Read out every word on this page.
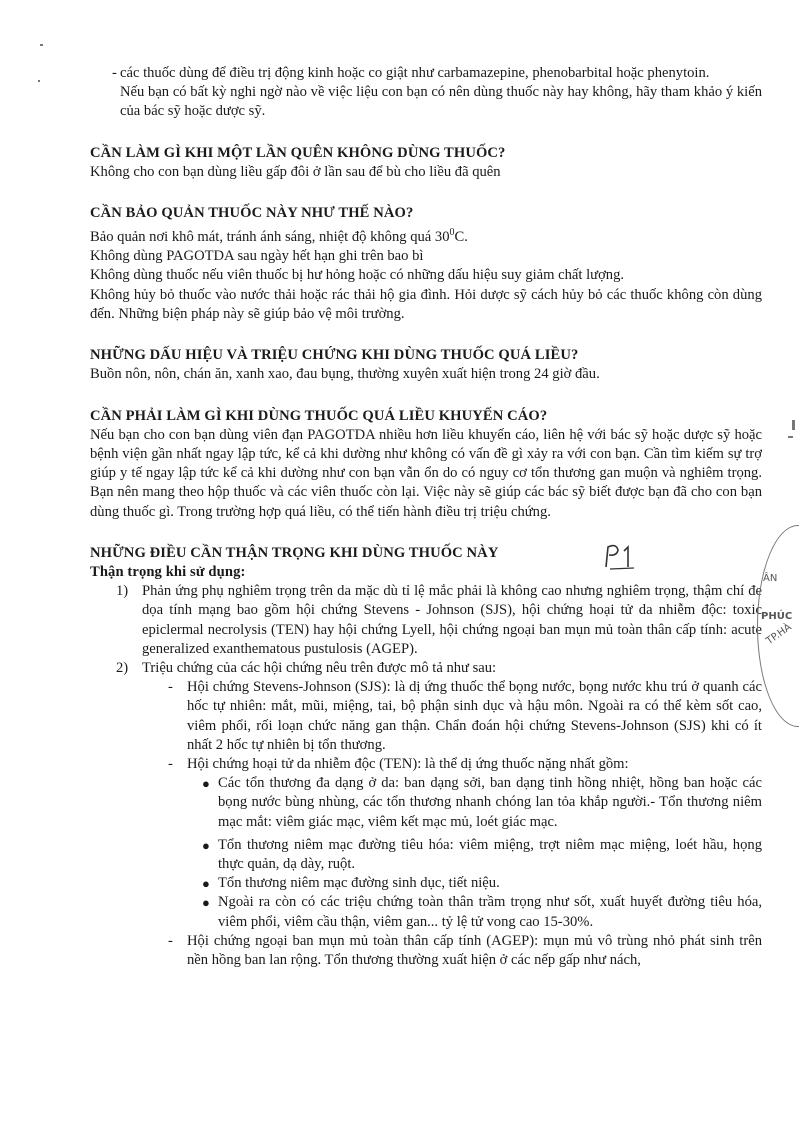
- các thuốc dùng để điều trị động kinh hoặc co giật như carbamazepine, phenobarbital hoặc phenytoin.

Nếu bạn có bất kỳ nghi ngờ nào về việc liệu con bạn có nên dùng thuốc này hay không, hãy tham khảo ý kiến của bác sỹ hoặc dược sỹ.

CẦN LÀM GÌ KHI MỘT LẦN QUÊN KHÔNG DÙNG THUỐC?

Không cho con bạn dùng liều gấp đôi ở lần sau để bù cho liều đã quên

CẦN BẢO QUẢN THUỐC NÀY NHƯ THẾ NÀO?

Bảo quản nơi khô mát, tránh ánh sáng, nhiệt độ không quá $30^0C$.

Không dùng PAGOTDA sau ngày hết hạn ghi trên bao bì

Không dùng thuốc nếu viên thuốc bị hư hỏng hoặc có những dấu hiệu suy giảm chất lượng.

Không hủy bỏ thuốc vào nước thải hoặc rác thải hộ gia đình. Hỏi dược sỹ cách hủy bỏ các thuốc không còn dùng đến. Những biện pháp này sẽ giúp bảo vệ môi trường.

NHỮNG DẤU HIỆU VÀ TRIỆU CHỨNG KHI DÙNG THUỐC QUÁ LIỀU?

Buồn nôn, nôn, chán ăn, xanh xao, đau bụng, thường xuyên xuất hiện trong 24 giờ đầu.

CẦN PHẢI LÀM GÌ KHI DÙNG THUỐC QUÁ LIỀU KHUYẾN CÁO?

Nếu bạn cho con bạn dùng viên đạn PAGOTDA nhiều hơn liều khuyến cáo, liên hệ với bác sỹ hoặc dược sỹ hoặc bệnh viện gần nhất ngay lập tức, kể cả khi dường như không có vấn đề gì xảy ra với con bạn. Cần tìm kiếm sự trợ giúp y tế ngay lập tức kể cả khi dường như con bạn vẫn ổn do có nguy cơ tổn thương gan muộn và nghiêm trọng. Bạn nên mang theo hộp thuốc và các viên thuốc còn lại. Việc này sẽ giúp các bác sỹ biết được bạn đã cho con bạn dùng thuốc gì. Trong trường hợp quá liều, có thể tiến hành điều trị triệu chứng.

NHỮNG ĐIỀU CẦN THẬN TRỌNG KHI DÙNG THUỐC NÀY

Thận trọng khi sử dụng:

1) Phản ứng phụ nghiêm trọng trên da mặc dù tỉ lệ mắc phải là không cao nhưng nghiêm trọng, thậm chí đe dọa tính mạng bao gồm hội chứng Stevens - Johnson (SJS), hội chứng hoại tử da nhiễm độc: toxic epiclermal necrolysis (TEN) hay hội chứng Lyell, hội chứng ngoại ban mụn mủ toàn thân cấp tính: acute generalized exanthematous pustulosis (AGEP).
2) Triệu chứng của các hội chứng nêu trên được mô tả như sau:
- Hội chứng Stevens-Johnson (SJS): là dị ứng thuốc thể bọng nước, bọng nước khu trú ở quanh các hốc tự nhiên: mắt, mũi, miệng, tai, bộ phận sinh dục và hậu môn. Ngoài ra có thể kèm sốt cao, viêm phổi, rối loạn chức năng gan thận. Chẩn đoán hội chứng Stevens-Johnson (SJS) khi có ít nhất 2 hốc tự nhiên bị tổn thương.
- Hội chứng hoại tử da nhiễm độc (TEN): là thể dị ứng thuốc nặng nhất gồm:
● Các tổn thương đa dạng ở da: ban dạng sởi, ban dạng tinh hồng nhiệt, hồng ban hoặc các bọng nước bùng nhùng, các tổn thương nhanh chóng lan tỏa khắp người.- Tổn thương niêm mạc mắt: viêm giác mạc, viêm kết mạc mủ, loét giác mạc.
● Tổn thương niêm mạc đường tiêu hóa: viêm miệng, trợt niêm mạc miệng, loét hầu, họng thực quản, dạ dày, ruột.
● Tổn thương niêm mạc đường sinh dục, tiết niệu.
● Ngoài ra còn có các triệu chứng toàn thân trầm trọng như sốt, xuất huyết đường tiêu hóa, viêm phổi, viêm cầu thận, viêm gan... tỷ lệ tử vong cao 15-30%.
- Hội chứng ngoại ban mụn mủ toàn thân cấp tính (AGEP): mụn mủ vô trùng nhỏ phát sinh trên nền hồng ban lan rộng. Tổn thương thường xuất hiện ở các nếp gấp như nách,
ÂN
PHÚC
TP.HÀ
